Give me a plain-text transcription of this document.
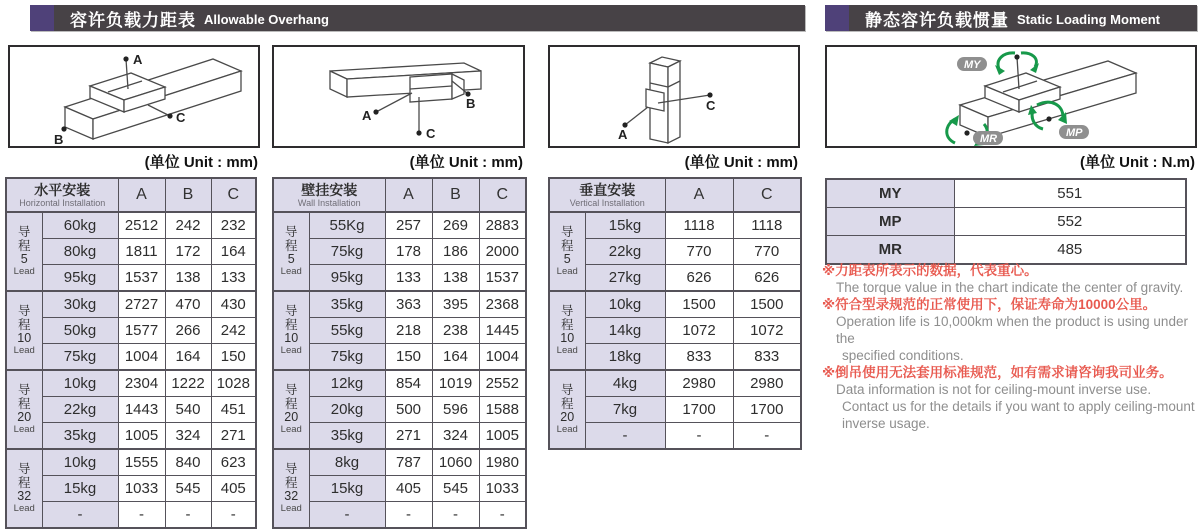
容许负载力距表 Allowable Overhang	静态容许负载惯量 Static Loading Moment
A
B
C	A
B
C	A
C
MY
MP
MR
(单位 Unit : mm)	(单位 Unit : mm)	(单位 Unit : mm)	(单位 Unit : N.m)
水平安装
Horizontal Installation		A	B	C

导程
5
Lead	60kg	2512	242	232
	80kg	1811	172	164
	95kg	1537	138	133

导程
10
Lead	30kg	2727	470	430
	50kg	1577	266	242
	75kg	1004	164	150

导程
20
Lead	10kg	2304	1222	1028
	22kg	1443	540	451
	35kg	1005	324	271

导程
32
Lead	10kg	1555	840	623
	15kg	1033	545	405
	-	-	-	-
壁挂安装
Wall Installation		A	B	C

导程
5
Lead	55Kg	257	269	2883
	75kg	178	186	2000
	95kg	133	138	1537

导程
10
Lead	35kg	363	395	2368
	55kg	218	238	1445
	75kg	150	164	1004

导程
20
Lead	12kg	854	1019	2552
	20kg	500	596	1588
	35kg	271	324	1005

导程
32
Lead	8kg	787	1060	1980
	15kg	405	545	1033
	-	-	-	-
垂直安装
Vertical Installation		A	C

导程
5
Lead	15kg	1118	1118
	22kg	770	770
	27kg	626	626

导程
10
Lead	10kg	1500	1500
	14kg	1072	1072
	18kg	833	833

导程
20
Lead	4kg	2980	2980
	7kg	1700	1700
	-	-	-
MY	551
MP	552
MR	485
※力距表所表示的数据，代表重心。
The torque value in the chart indicate the center of gravity.
※符合型录规范的正常使用下，保证寿命为10000公里。
Operation life is 10,000km when the product is using under the
specified conditions.
※倒吊使用无法套用标准规范，如有需求请咨询我司业务。
Data information is not for ceiling-mount inverse use.
Contact us for the details if you want to apply ceiling-mount
inverse usage.
